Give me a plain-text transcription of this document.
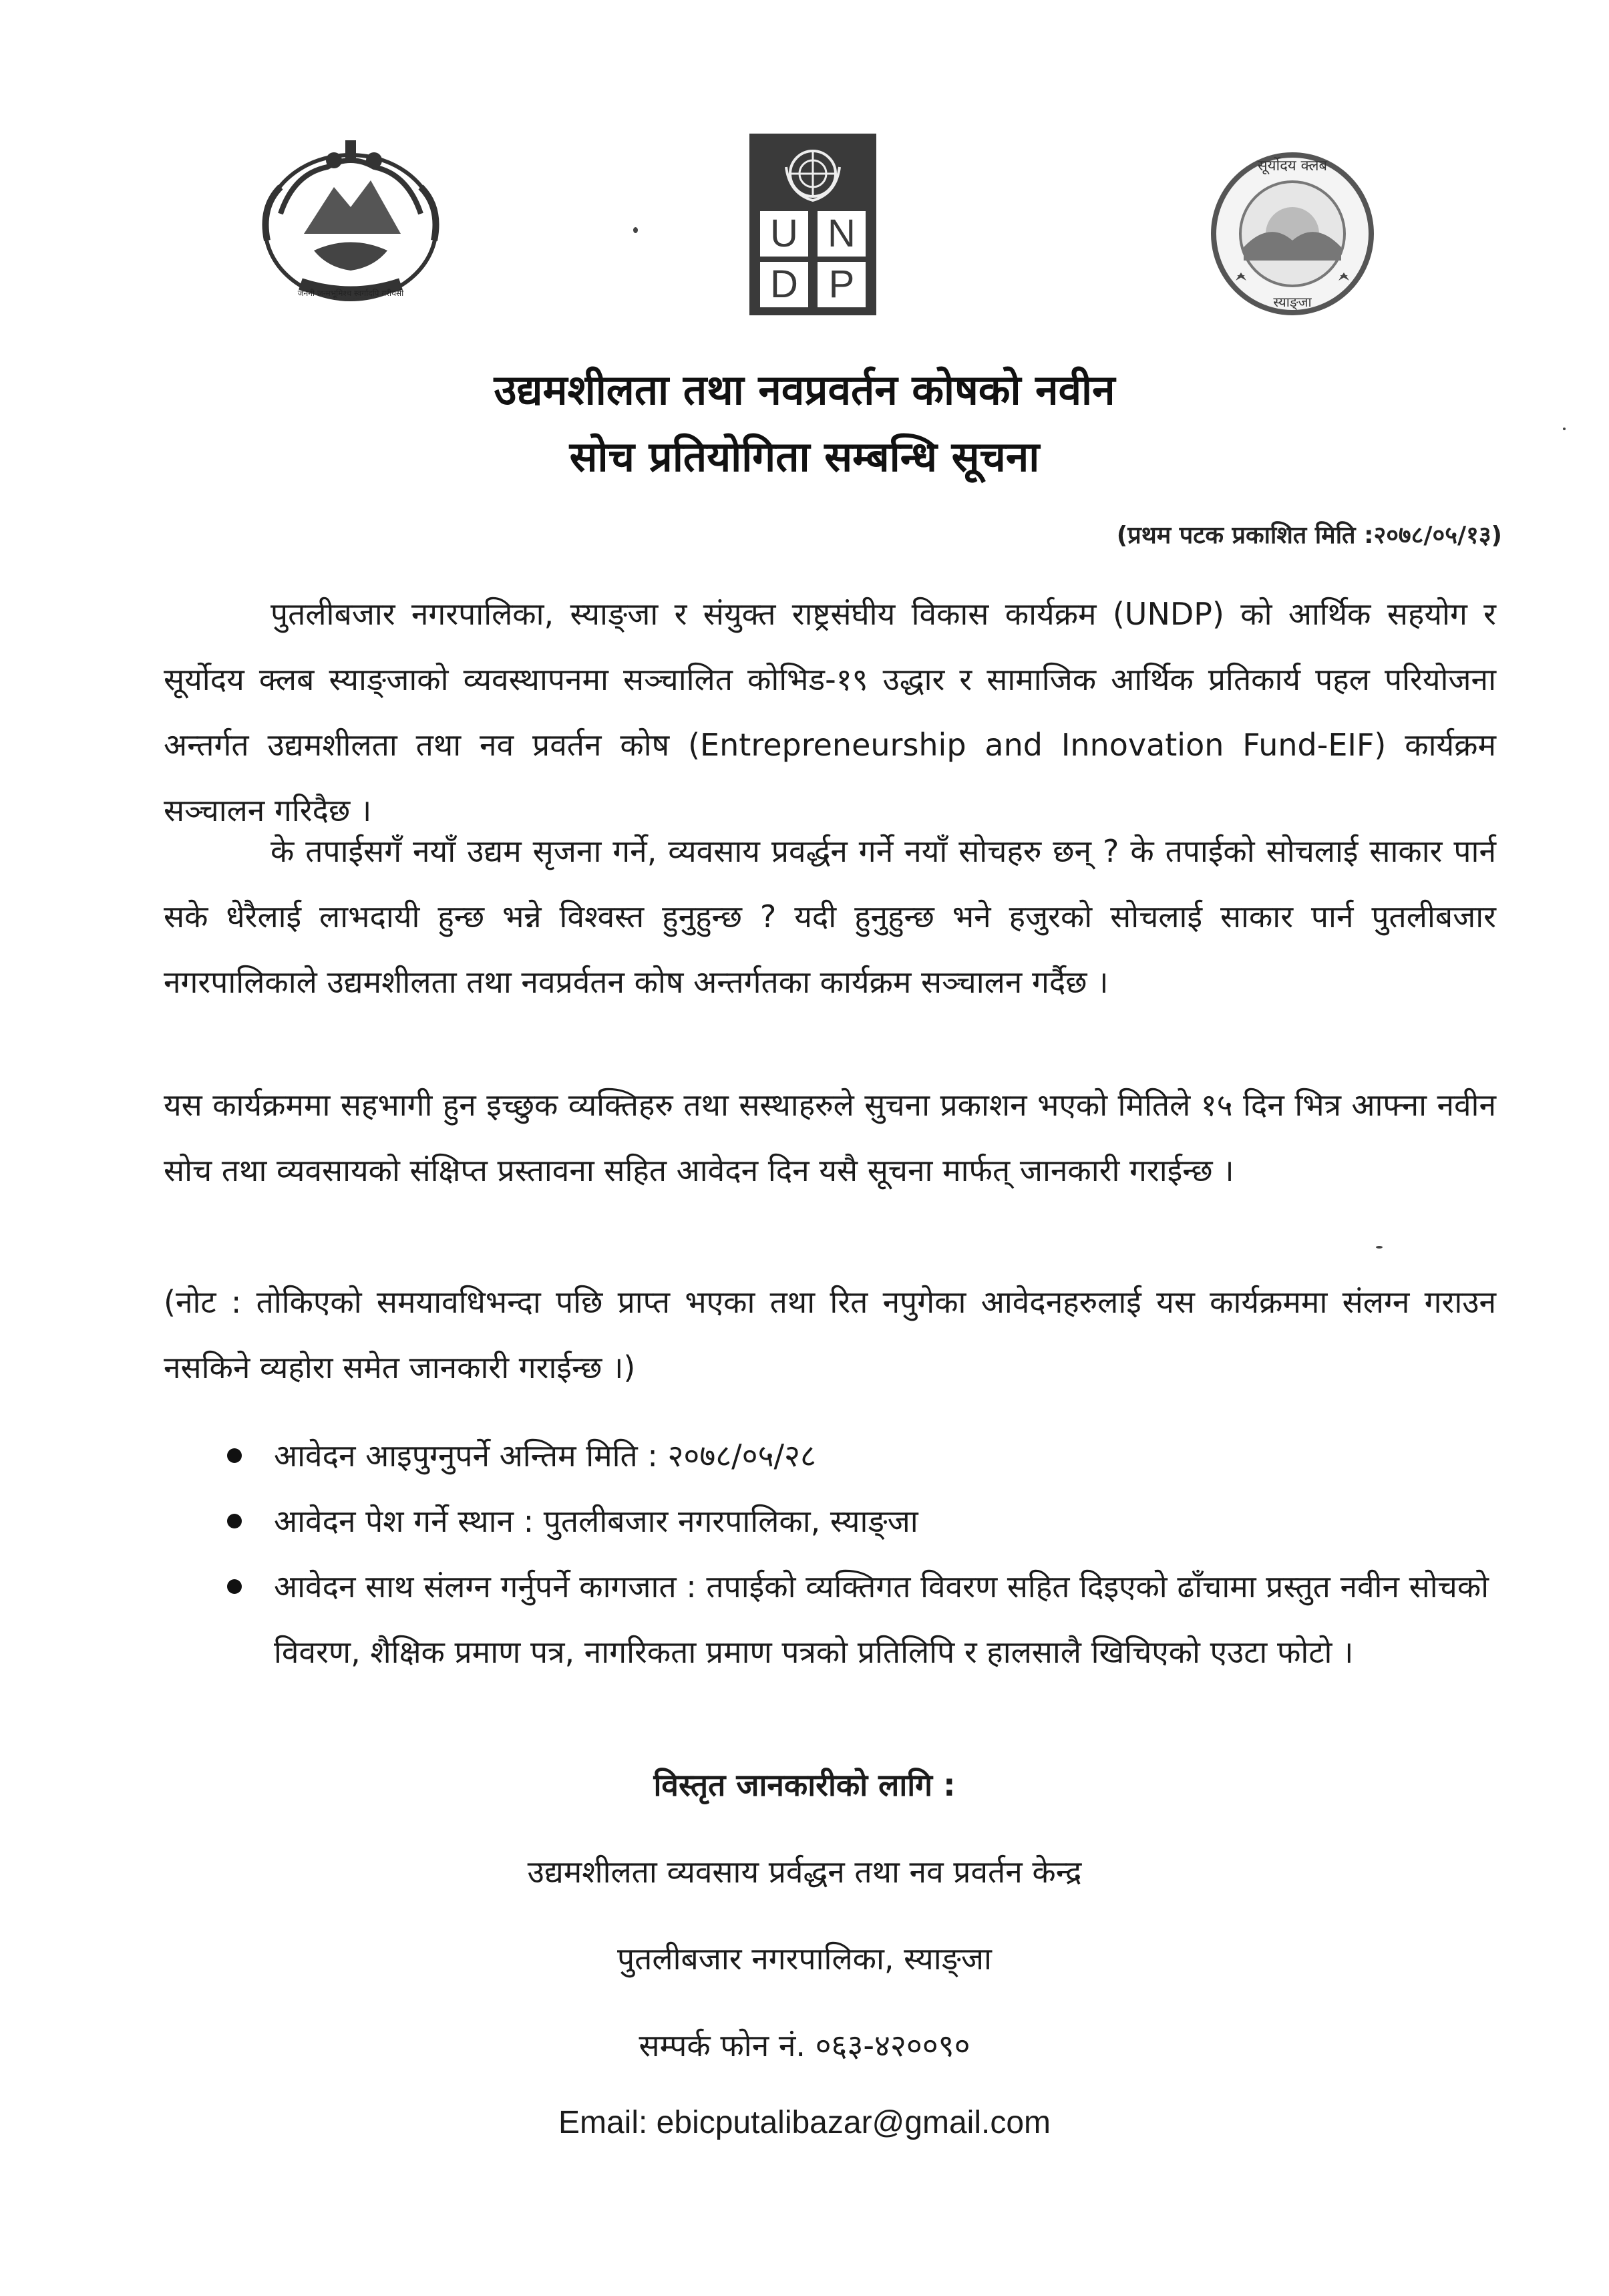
जननी जन्मभूमिश्च स्वर्गादपि गरीयसी
U N
D P
सूर्योदय क्लब
स्याङ्जा
उद्यमशीलता तथा नवप्रवर्तन कोषको नवीन
सोच प्रतियोगिता सम्बन्धि सूचना
(प्रथम पटक प्रकाशित मिति :२०७८/०५/१३)
पुतलीबजार नगरपालिका, स्याङ्जा र संयुक्त राष्ट्रसंघीय विकास कार्यक्रम (UNDP) को आर्थिक सहयोग र सूर्योदय क्लब स्याङ्जाको व्यवस्थापनमा सञ्चालित कोभिड-१९ उद्धार र सामाजिक आर्थिक प्रतिकार्य पहल परियोजना अन्तर्गत उद्यमशीलता तथा नव प्रवर्तन कोष (Entrepreneurship and Innovation Fund-EIF) कार्यक्रम सञ्चालन गरिदैछ ।
के तपाईसगँ नयाँ उद्यम सृजना गर्ने, व्यवसाय प्रवर्द्धन गर्ने नयाँ सोचहरु छन् ? के तपाईको सोचलाई साकार पार्न सके धेरैलाई लाभदायी हुन्छ भन्ने विश्वस्त हुनुहुन्छ ? यदी हुनुहुन्छ भने हजुरको सोचलाई साकार पार्न पुतलीबजार नगरपालिकाले उद्यमशीलता तथा नवप्रर्वतन कोष अन्तर्गतका कार्यक्रम सञ्चालन गर्दैछ ।
यस कार्यक्रममा सहभागी हुन इच्छुक व्यक्तिहरु तथा सस्थाहरुले सुचना प्रकाशन भएको मितिले १५ दिन भित्र आफ्ना नवीन सोच तथा व्यवसायको संक्षिप्त प्रस्तावना सहित आवेदन दिन यसै सूचना मार्फत् जानकारी गराईन्छ ।
(नोट : तोकिएको समयावधिभन्दा पछि प्राप्त भएका तथा रित नपुगेका आवेदनहरुलाई यस कार्यक्रममा संलग्न गराउन नसकिने व्यहोरा समेत जानकारी गराईन्छ ।)
आवेदन आइपुग्नुपर्ने अन्तिम मिति : २०७८/०५/२८
आवेदन पेश गर्ने स्थान : पुतलीबजार नगरपालिका, स्याङ्जा
आवेदन साथ संलग्न गर्नुपर्ने कागजात : तपाईको व्यक्तिगत विवरण सहित दिइएको ढाँचामा प्रस्तुत नवीन सोचको विवरण, शैक्षिक प्रमाण पत्र, नागरिकता प्रमाण पत्रको प्रतिलिपि र हालसालै खिचिएको एउटा फोटो ।
विस्तृत जानकारीको लागि :
उद्यमशीलता व्यवसाय प्रर्वद्धन तथा नव प्रवर्तन केन्द्र
पुतलीबजार नगरपालिका, स्याङ्जा
सम्पर्क फोन नं. ०६३-४२००९०
Email: ebicputalibazar@gmail.com
